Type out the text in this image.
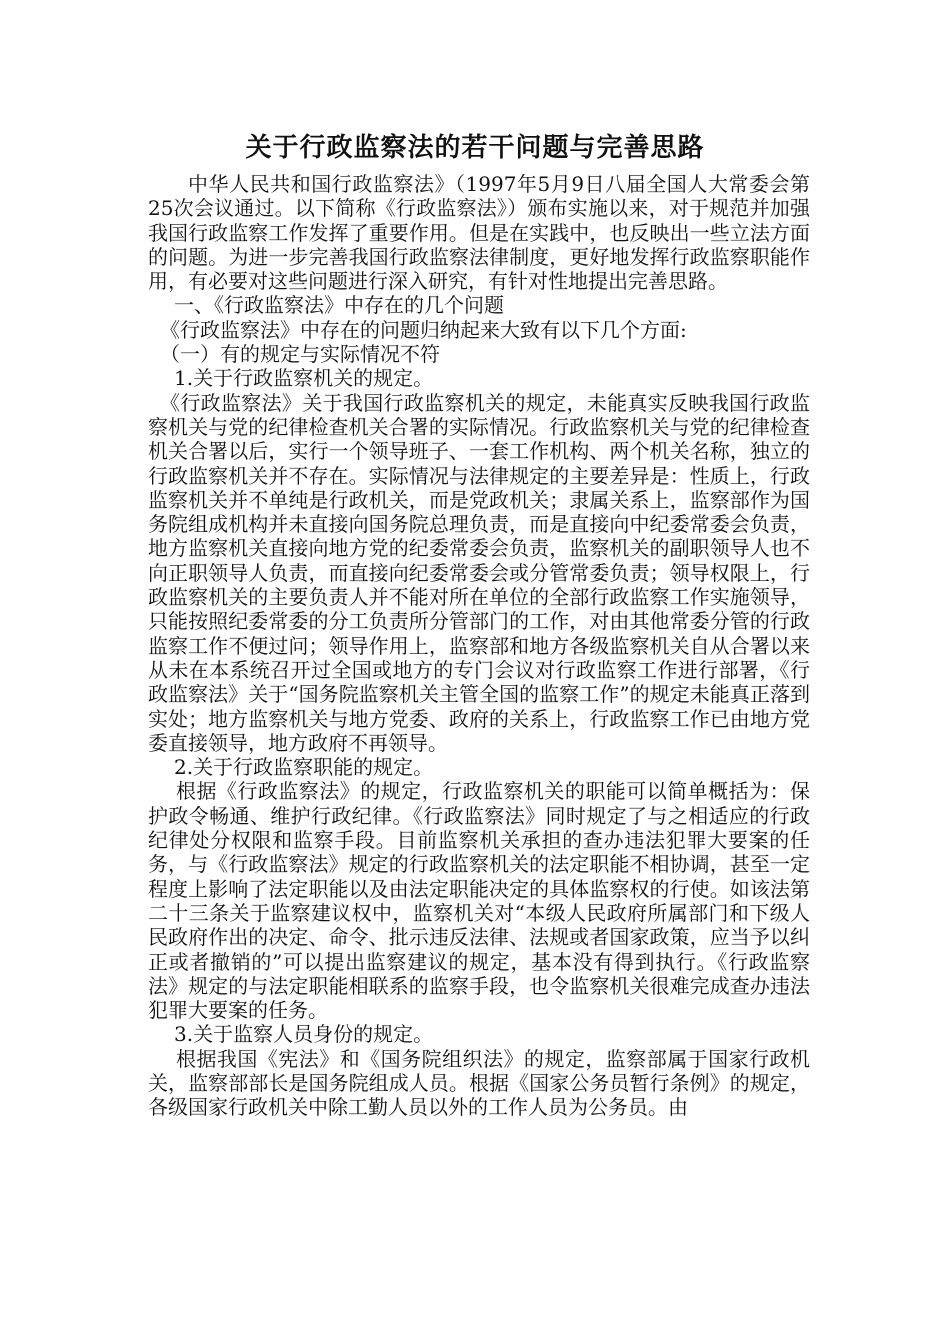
关于行政监察法的若干问题与完善思路

中华人民共和国行政监察法》（1997年5月9日八届全国人大常委会第25次会议通过。以下简称《行政监察法》）颁布实施以来，对于规范并加强我国行政监察工作发挥了重要作用。但是在实践中，也反映出一些立法方面的问题。为进一步完善我国行政监察法律制度，更好地发挥行政监察职能作用，有必要对这些问题进行深入研究，有针对性地提出完善思路。

一、《行政监察法》中存在的几个问题

《行政监察法》中存在的问题归纳起来大致有以下几个方面:

（一）有的规定与实际情况不符

1.关于行政监察机关的规定。

《行政监察法》关于我国行政监察机关的规定，未能真实反映我国行政监察机关与党的纪律检查机关合署的实际情况。行政监察机关与党的纪律检查机关合署以后，实行一个领导班子、一套工作机构、两个机关名称，独立的行政监察机关并不存在。实际情况与法律规定的主要差异是：性质上，行政监察机关并不单纯是行政机关，而是党政机关；隶属关系上，监察部作为国务院组成机构并未直接向国务院总理负责，而是直接向中纪委常委会负责，地方监察机关直接向地方党的纪委常委会负责，监察机关的副职领导人也不向正职领导人负责，而直接向纪委常委会或分管常委负责；领导权限上，行政监察机关的主要负责人并不能对所在单位的全部行政监察工作实施领导，只能按照纪委常委的分工负责所分管部门的工作，对由其他常委分管的行政监察工作不便过问；领导作用上，监察部和地方各级监察机关自从合署以来从未在本系统召开过全国或地方的专门会议对行政监察工作进行部署，《行政监察法》关于“国务院监察机关主管全国的监察工作”的规定未能真正落到实处；地方监察机关与地方党委、政府的关系上，行政监察工作已由地方党委直接领导，地方政府不再领导。

2.关于行政监察职能的规定。

根据《行政监察法》的规定，行政监察机关的职能可以简单概括为：保护政令畅通、维护行政纪律。《行政监察法》同时规定了与之相适应的行政纪律处分权限和监察手段。目前监察机关承担的查办违法犯罪大要案的任务，与《行政监察法》规定的行政监察机关的法定职能不相协调，甚至一定程度上影响了法定职能以及由法定职能决定的具体监察权的行使。如该法第二十三条关于监察建议权中，监察机关对“本级人民政府所属部门和下级人民政府作出的决定、命令、批示违反法律、法规或者国家政策，应当予以纠正或者撤销的”可以提出监察建议的规定，基本没有得到执行。《行政监察法》规定的与法定职能相联系的监察手段，也令监察机关很难完成查办违法犯罪大要案的任务。

3.关于监察人员身份的规定。

根据我国《宪法》和《国务院组织法》的规定，监察部属于国家行政机关，监察部部长是国务院组成人员。根据《国家公务员暂行条例》的规定，各级国家行政机关中除工勤人员以外的工作人员为公务员。由
